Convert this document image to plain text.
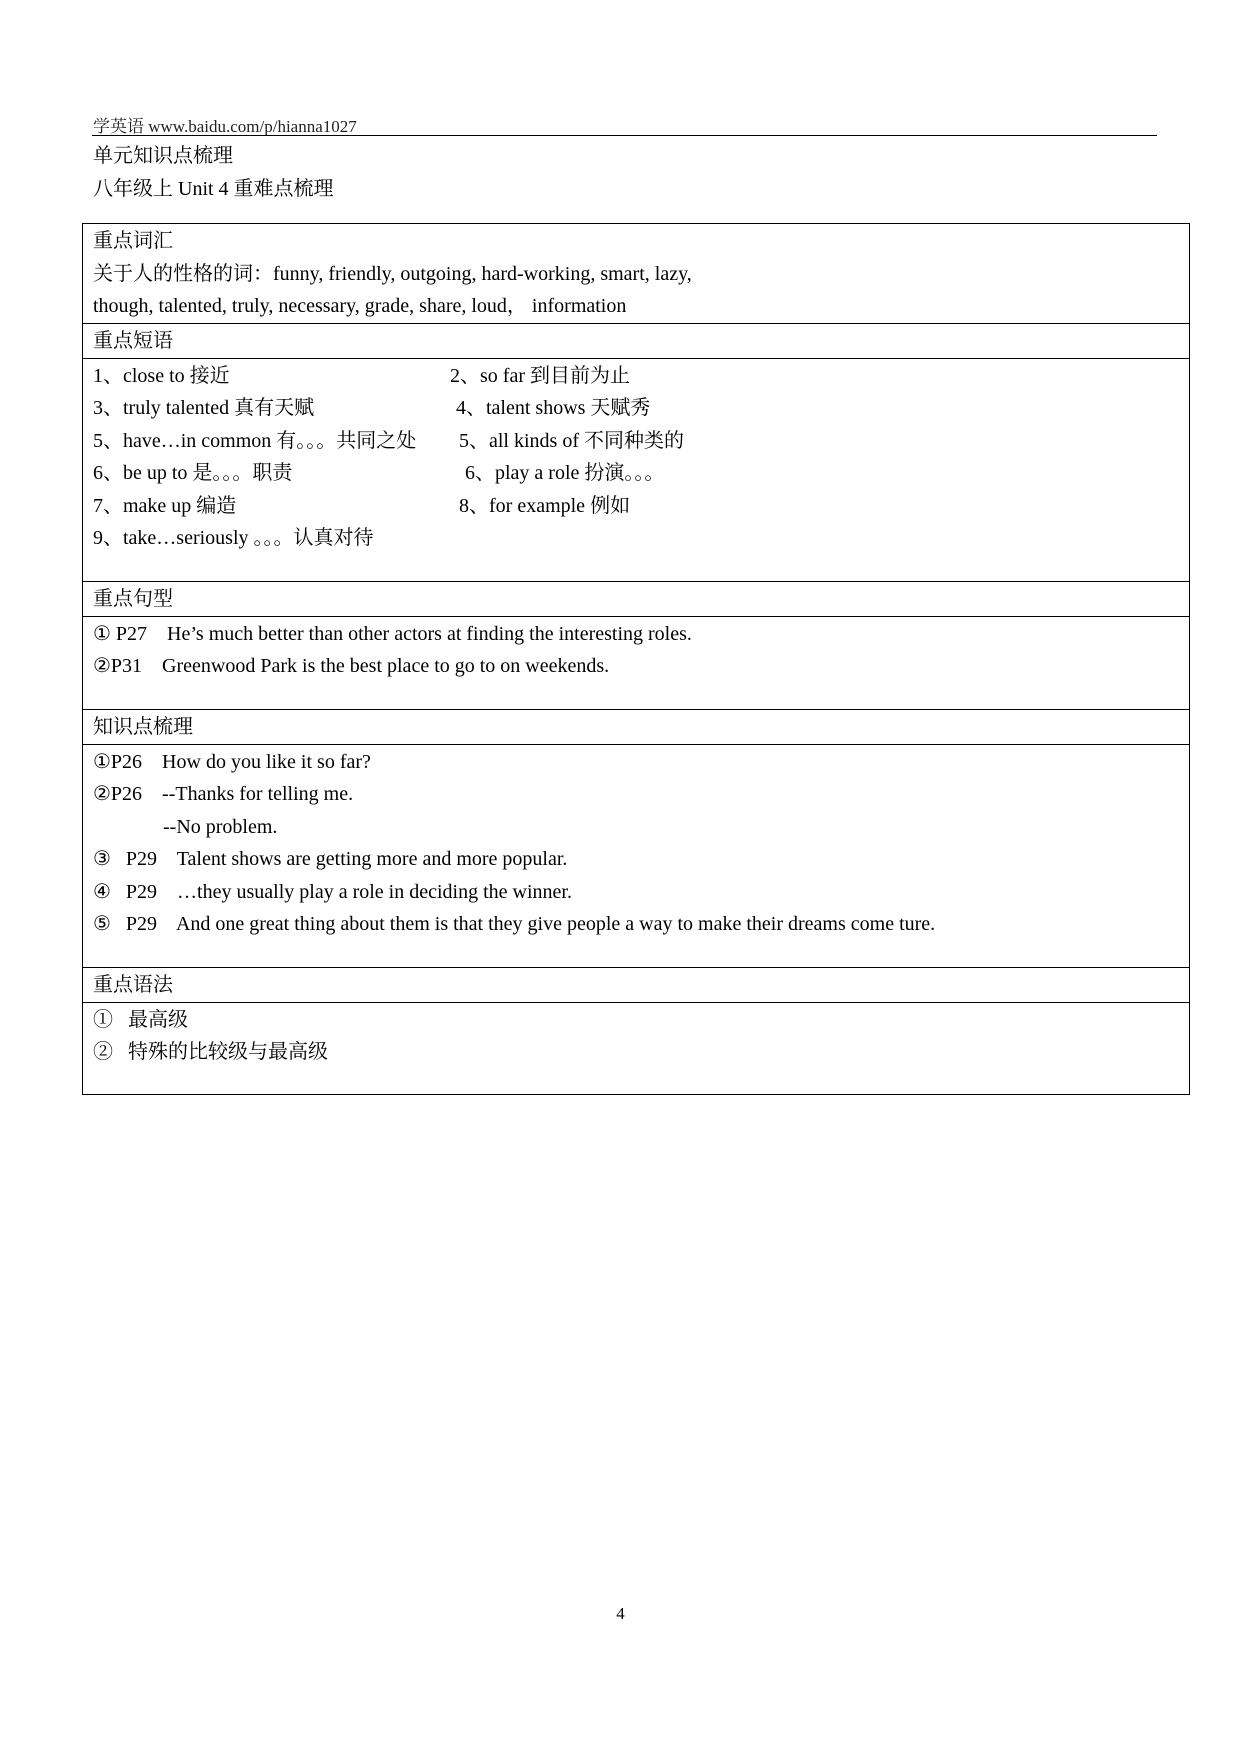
学英语 www.baidu.com/p/hianna1027
单元知识点梳理
八年级上 Unit 4 重难点梳理
重点词汇
关于人的性格的词：funny, friendly, outgoing, hard-working, smart, lazy,
though, talented, truly, necessary, grade, share, loud， information

重点短语

1、close to 接近	2、so far 到目前为止
3、truly talented 真有天赋	4、talent shows 天赋秀
5、have…in common 有。。。共同之处 5、all kinds of 不同种类的
6、be up to 是。。。职责	6、play a role 扮演。。。
7、make up 编造	8、for example 例如
9、take…seriously 。。。认真对待

重点句型

① P27    He’s much better than other actors at finding the interesting roles.
②P31    Greenwood Park is the best place to go to on weekends.

知识点梳理

①P26    How do you like it so far?
②P26    --Thanks for telling me.
--No problem.
③   P29    Talent shows are getting more and more popular.
④   P29    …they usually play a role in deciding the winner.
⑤   P29    And one great thing about them is that they give people a way to make their dreams come ture.

重点语法

①   最高级
②   特殊的比较级与最高级
4
